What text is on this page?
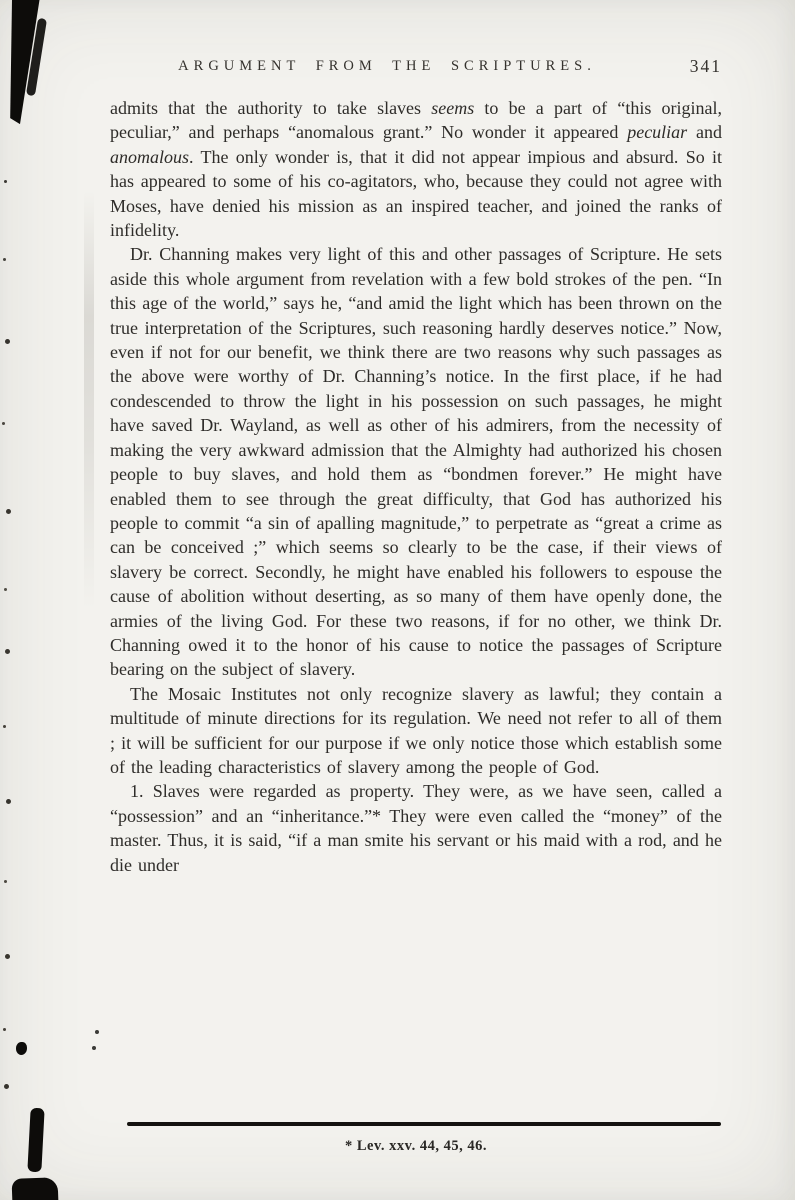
ARGUMENT FROM THE SCRIPTURES.	341

admits that the authority to take slaves seems to be a part of “this original, peculiar,” and perhaps “anomalous grant.” No wonder it appeared peculiar and anomalous. The only wonder is, that it did not appear impious and absurd. So it has appeared to some of his co-agitators, who, because they could not agree with Moses, have denied his mission as an inspired teacher, and joined the ranks of infidelity.

Dr. Channing makes very light of this and other passages of Scripture. He sets aside this whole argument from revelation with a few bold strokes of the pen. “In this age of the world,” says he, “and amid the light which has been thrown on the true interpretation of the Scriptures, such reasoning hardly deserves notice.” Now, even if not for our benefit, we think there are two reasons why such passages as the above were worthy of Dr. Channing’s notice. In the first place, if he had condescended to throw the light in his possession on such passages, he might have saved Dr. Wayland, as well as other of his admirers, from the necessity of making the very awkward admission that the Almighty had authorized his chosen people to buy slaves, and hold them as “bondmen forever.” He might have enabled them to see through the great difficulty, that God has authorized his people to commit “a sin of apalling magnitude,” to perpetrate as “great a crime as can be conceived ;” which seems so clearly to be the case, if their views of slavery be correct. Secondly, he might have enabled his followers to espouse the cause of abolition without deserting, as so many of them have openly done, the armies of the living God. For these two reasons, if for no other, we think Dr. Channing owed it to the honor of his cause to notice the passages of Scripture bearing on the subject of slavery.

The Mosaic Institutes not only recognize slavery as lawful; they contain a multitude of minute directions for its regulation. We need not refer to all of them ; it will be sufficient for our purpose if we only notice those which establish some of the leading characteristics of slavery among the people of God.

1. Slaves were regarded as property. They were, as we have seen, called a “possession” and an “inheritance.”* They were even called the “money” of the master. Thus, it is said, “if a man smite his servant or his maid with a rod, and he die under

* Lev. xxv. 44, 45, 46.
